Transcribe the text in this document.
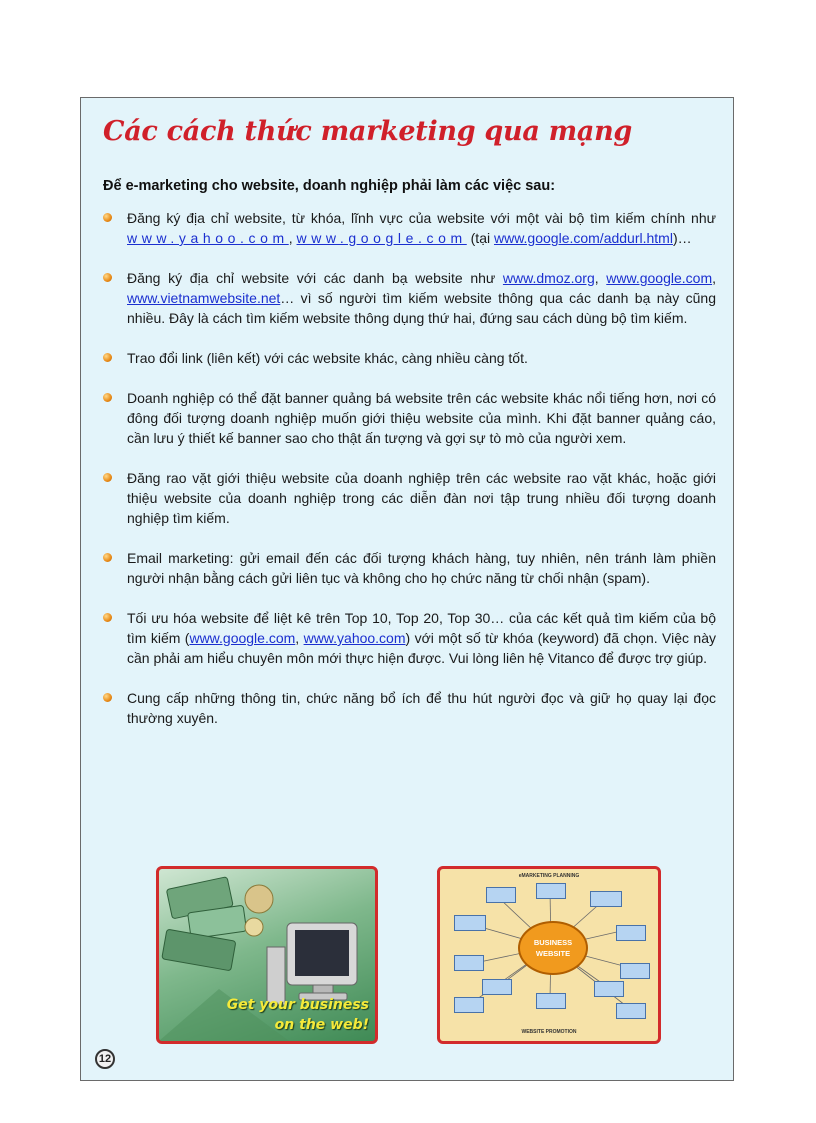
Các cách thức marketing qua mạng

Để e-marketing cho website, doanh nghiệp phải làm các việc sau:

Đăng ký địa chỉ website, từ khóa, lĩnh vực của website với một vài bộ tìm kiếm chính như www.yahoo.com, www.google.com (tại www.google.com/addurl.html)…
Đăng ký địa chỉ website với các danh bạ website như www.dmoz.org, www.google.com, www.vietnamwebsite.net… vì số người tìm kiếm website thông qua các danh bạ này cũng nhiều. Đây là cách tìm kiếm website thông dụng thứ hai, đứng sau cách dùng bộ tìm kiếm.
Trao đổi link (liên kết) với các website khác, càng nhiều càng tốt.
Doanh nghiệp có thể đặt banner quảng bá website trên các website khác nổi tiếng hơn, nơi có đông đối tượng doanh nghiệp muốn giới thiệu website của mình. Khi đặt banner quảng cáo, cần lưu ý thiết kế banner sao cho thật ấn tượng và gợi sự tò mò của người xem.
Đăng rao vặt giới thiệu website của doanh nghiệp trên các website rao vặt khác, hoặc giới thiệu website của doanh nghiệp trong các diễn đàn nơi tập trung nhiều đối tượng doanh nghiệp tìm kiếm.
Email marketing: gửi email đến các đối tượng khách hàng, tuy nhiên, nên tránh làm phiền người nhận bằng cách gửi liên tục và không cho họ chức năng từ chối nhận (spam).
Tối ưu hóa website để liệt kê trên Top 10, Top 20, Top 30… của các kết quả tìm kiếm của bộ tìm kiếm (www.google.com, www.yahoo.com) với một số từ khóa (keyword) đã chọn. Việc này cần phải am hiểu chuyên môn mới thực hiện được. Vui lòng liên hệ Vitanco để được trợ giúp.
Cung cấp những thông tin, chức năng bổ ích để thu hút người đọc và giữ họ quay lại đọc thường xuyên.
Get your business
on the web!
eMARKETING PLANNING
BUSINESS
WEBSITE
WEBSITE PROMOTION
12
